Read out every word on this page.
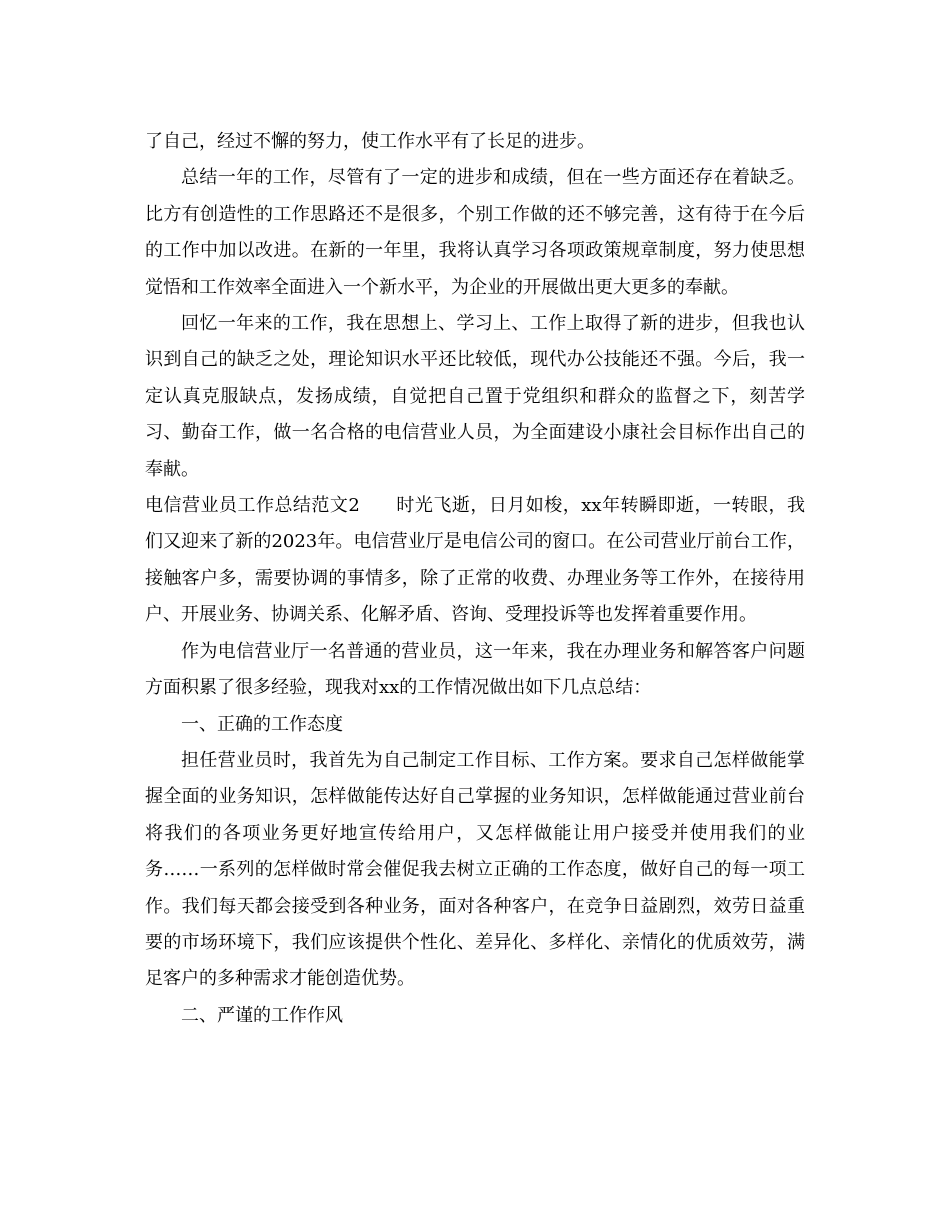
了自己，经过不懈的努力，使工作水平有了长足的进步。

总结一年的工作，尽管有了一定的进步和成绩，但在一些方面还存在着缺乏。比方有创造性的工作思路还不是很多，个别工作做的还不够完善，这有待于在今后的工作中加以改进。在新的一年里，我将认真学习各项政策规章制度，努力使思想觉悟和工作效率全面进入一个新水平，为企业的开展做出更大更多的奉献。

回忆一年来的工作，我在思想上、学习上、工作上取得了新的进步，但我也认识到自己的缺乏之处，理论知识水平还比较低，现代办公技能还不强。今后，我一定认真克服缺点，发扬成绩，自觉把自己置于党组织和群众的监督之下，刻苦学习、勤奋工作，做一名合格的电信营业人员，为全面建设小康社会目标作出自己的奉献。

电信营业员工作总结范文2 时光飞逝，日月如梭，xx年转瞬即逝，一转眼，我们又迎来了新的2023年。电信营业厅是电信公司的窗口。在公司营业厅前台工作，接触客户多，需要协调的事情多，除了正常的收费、办理业务等工作外，在接待用户、开展业务、协调关系、化解矛盾、咨询、受理投诉等也发挥着重要作用。

作为电信营业厅一名普通的营业员，这一年来，我在办理业务和解答客户问题方面积累了很多经验，现我对xx的工作情况做出如下几点总结：

一、正确的工作态度

担任营业员时，我首先为自己制定工作目标、工作方案。要求自己怎样做能掌握全面的业务知识，怎样做能传达好自己掌握的业务知识，怎样做能通过营业前台将我们的各项业务更好地宣传给用户，又怎样做能让用户接受并使用我们的业务……一系列的怎样做时常会催促我去树立正确的工作态度，做好自己的每一项工作。我们每天都会接受到各种业务，面对各种客户，在竞争日益剧烈，效劳日益重要的市场环境下，我们应该提供个性化、差异化、多样化、亲情化的优质效劳，满足客户的多种需求才能创造优势。

二、严谨的工作作风
